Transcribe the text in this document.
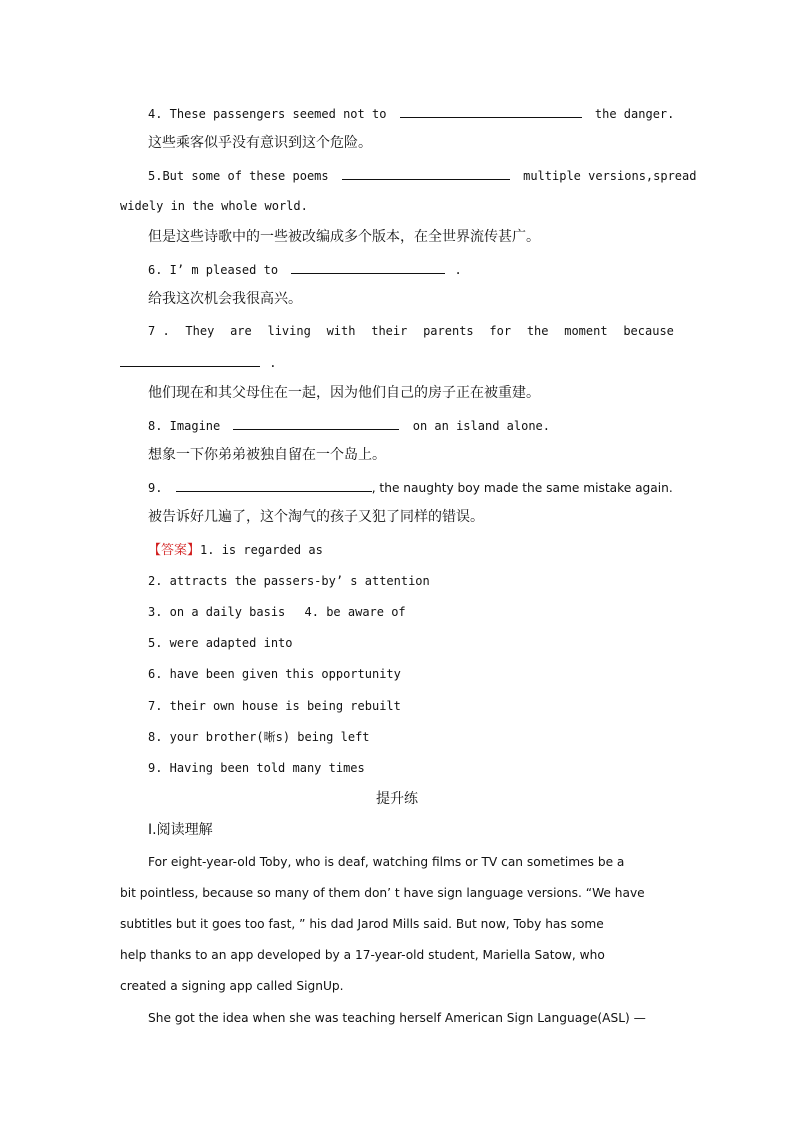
4. These passengers seemed not to	the danger.
这些乘客似乎没有意识到这个危险。
5.But some of these poems	multiple versions,spread
widely in the whole world.
但是这些诗歌中的一些被改编成多个版本，在全世界流传甚广。
6. I’ m pleased to	.
给我这次机会我很高兴。
7 . They are living with their parents for the moment because
.
他们现在和其父母住在一起，因为他们自己的房子正在被重建。
8. Imagine	on an island alone.
想象一下你弟弟被独自留在一个岛上。
9.	, the naughty boy made the same mistake again.
被告诉好几遍了，这个淘气的孩子又犯了同样的错误。
【答案】1. is regarded as
2. attracts the passers-by’ s attention
3. on a daily basis 4. be aware of
5. were adapted into
6. have been given this opportunity
7. their own house is being rebuilt
8. your brother(晰s) being left
9. Having been told many times
提升练
Ⅰ.阅读理解
For eight-year-old Toby, who is deaf, watching films or TV can sometimes be a
bit pointless, because so many of them don’ t have sign language versions. “We have
subtitles but it goes too fast, ” his dad Jarod Mills said. But now, Toby has some
help thanks to an app developed by a 17-year-old student, Mariella Satow, who
created a signing app called SignUp.
She got the idea when she was teaching herself American Sign Language(ASL) —
